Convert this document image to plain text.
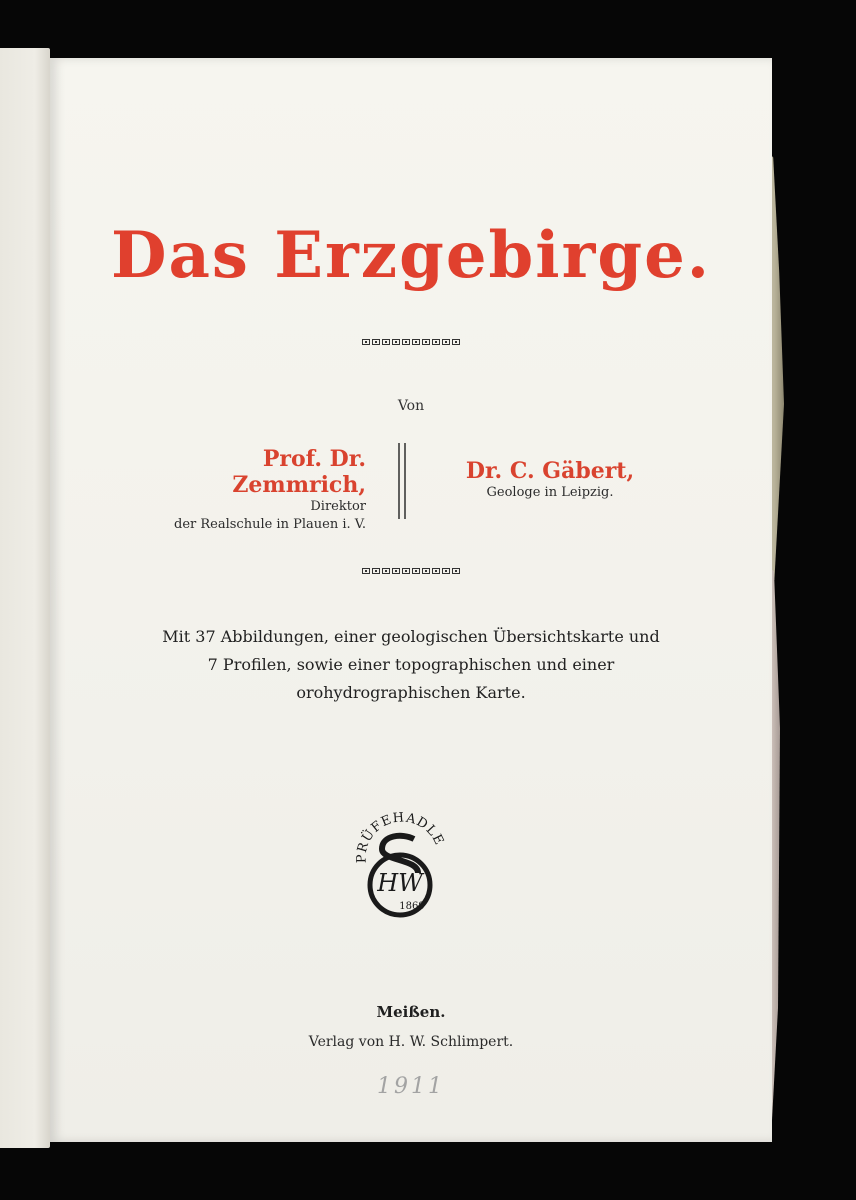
Das Erzgebirge.
Von
Prof. Dr. Zemmrich,
Direktor
der Realschule in Plauen i. V.
Dr. C. Gäbert,
Geologe in Leipzig.
Mit 37 Abbildungen, einer geologischen Übersichtskarte und
7 Profilen, sowie einer topographischen und einer
orohydrographischen Karte.
PRÜFEHADLE
HW
1869
Meißen.
Verlag von H. W. Schlimpert.
1911
